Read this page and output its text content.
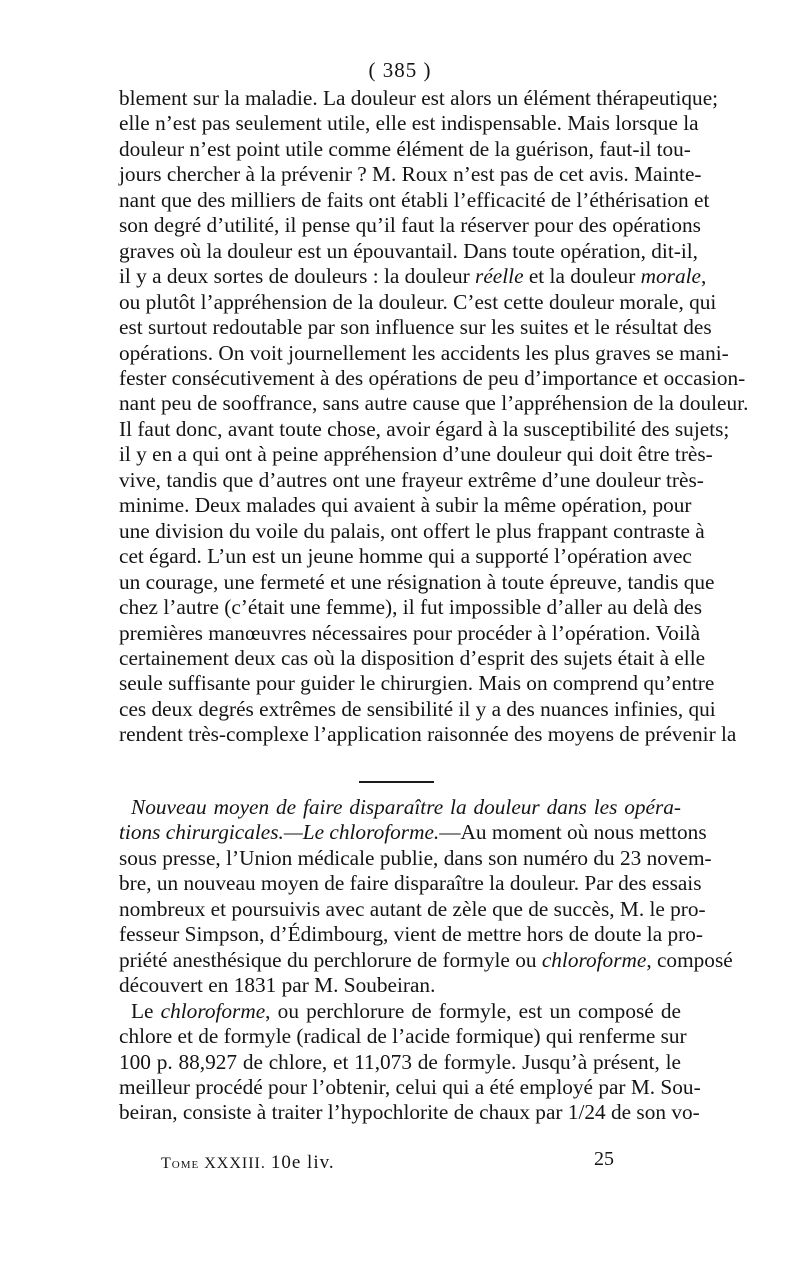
( 385 )
blement sur la maladie. La douleur est alors un élément thérapeutique;
elle n’est pas seulement utile, elle est indispensable. Mais lorsque la
douleur n’est point utile comme élément de la guérison, faut-il tou-
jours chercher à la prévenir ? M. Roux n’est pas de cet avis. Mainte-
nant que des milliers de faits ont établi l’efficacité de l’éthérisation et
son degré d’utilité, il pense qu’il faut la réserver pour des opérations
graves où la douleur est un épouvantail. Dans toute opération, dit-il,
il y a deux sortes de douleurs : la douleur réelle et la douleur morale,
ou plutôt l’appréhension de la douleur. C’est cette douleur morale, qui
est surtout redoutable par son influence sur les suites et le résultat des
opérations. On voit journellement les accidents les plus graves se mani-
fester consécutivement à des opérations de peu d’importance et occasion-
nant peu de sooffrance, sans autre cause que l’appréhension de la douleur.
Il faut donc, avant toute chose, avoir égard à la susceptibilité des sujets;
il y en a qui ont à peine appréhension d’une douleur qui doit être très-
vive, tandis que d’autres ont une frayeur extrême d’une douleur très-
minime. Deux malades qui avaient à subir la même opération, pour
une division du voile du palais, ont offert le plus frappant contraste à
cet égard. L’un est un jeune homme qui a supporté l’opération avec
un courage, une fermeté et une résignation à toute épreuve, tandis que
chez l’autre (c’était une femme), il fut impossible d’aller au delà des
premières manœuvres nécessaires pour procéder à l’opération. Voilà
certainement deux cas où la disposition d’esprit des sujets était à elle
seule suffisante pour guider le chirurgien. Mais on comprend qu’entre
ces deux degrés extrêmes de sensibilité il y a des nuances infinies, qui
rendent très-complexe l’application raisonnée des moyens de prévenir la
Nouveau moyen de faire disparaître la douleur dans les opéra-
tions chirurgicales.—Le chloroforme.—Au moment où nous mettons
sous presse, l’Union médicale publie, dans son numéro du 23 novem-
bre, un nouveau moyen de faire disparaître la douleur. Par des essais
nombreux et poursuivis avec autant de zèle que de succès, M. le pro-
fesseur Simpson, d’Édimbourg, vient de mettre hors de doute la pro-
priété anesthésique du perchlorure de formyle ou chloroforme, composé
découvert en 1831 par M. Soubeiran.
Le chloroforme, ou perchlorure de formyle, est un composé de
chlore et de formyle (radical de l’acide formique) qui renferme sur
100 p. 88,927 de chlore, et 11,073 de formyle. Jusqu’à présent, le
meilleur procédé pour l’obtenir, celui qui a été employé par M. Sou-
beiran, consiste à traiter l’hypochlorite de chaux par 1/24 de son vo-
Tome XXXIII. 10e liv.	25
